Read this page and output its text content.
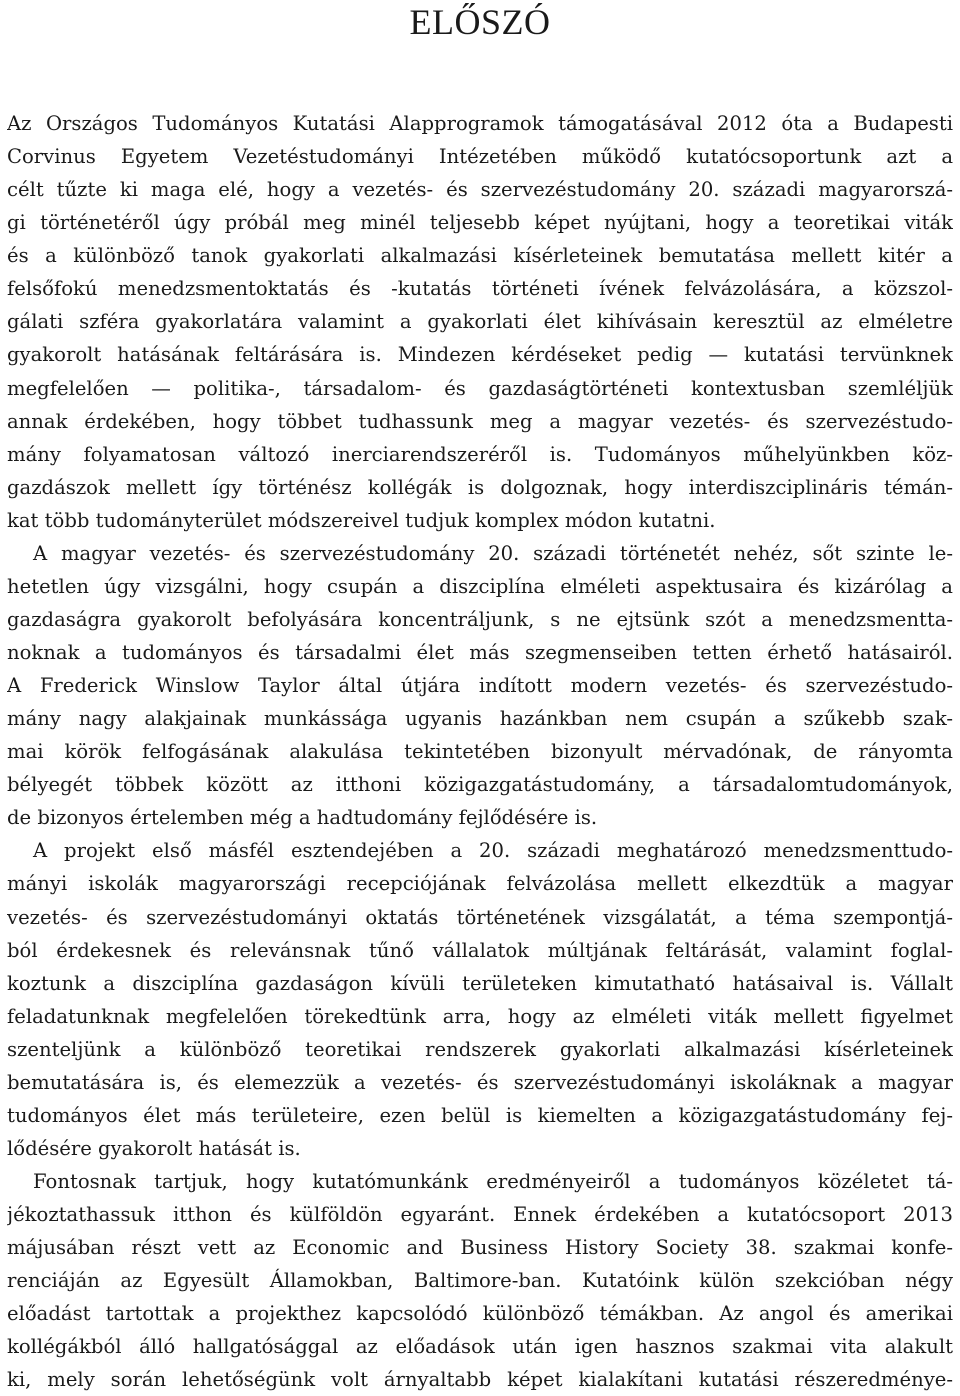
ELŐSZÓ
Az Országos Tudományos Kutatási Alapprogramok támogatásával 2012 óta a Budapesti
Corvinus Egyetem Vezetéstudományi Intézetében működő kutatócsoportunk azt a
célt tűzte ki maga elé, hogy a vezetés- és szervezéstudomány 20. századi magyarorszá-
gi történetéről úgy próbál meg minél teljesebb képet nyújtani, hogy a teoretikai viták
és a különböző tanok gyakorlati alkalmazási kísérleteinek bemutatása mellett kitér a
felsőfokú menedzsmentoktatás és -kutatás történeti ívének felvázolására, a közszol-
gálati szféra gyakorlatára valamint a gyakorlati élet kihívásain keresztül az elméletre
gyakorolt hatásának feltárására is. Mindezen kérdéseket pedig — kutatási tervünknek
megfelelően — politika-, társadalom- és gazdaságtörténeti kontextusban szemléljük
annak érdekében, hogy többet tudhassunk meg a magyar vezetés- és szervezéstudo-
mány folyamatosan változó inerciarendszeréről is. Tudományos műhelyünkben köz-
gazdászok mellett így történész kollégák is dolgoznak, hogy interdiszciplináris témán-
kat több tudományterület módszereivel tudjuk komplex módon kutatni.
A magyar vezetés- és szervezéstudomány 20. századi történetét nehéz, sőt szinte le-
hetetlen úgy vizsgálni, hogy csupán a diszciplína elméleti aspektusaira és kizárólag a
gazdaságra gyakorolt befolyására koncentráljunk, s ne ejtsünk szót a menedzsmentta-
noknak a tudományos és társadalmi élet más szegmenseiben tetten érhető hatásairól.
A Frederick Winslow Taylor által útjára indított modern vezetés- és szervezéstudo-
mány nagy alakjainak munkássága ugyanis hazánkban nem csupán a szűkebb szak-
mai körök felfogásának alakulása tekintetében bizonyult mérvadónak, de rányomta
bélyegét többek között az itthoni közigazgatástudomány, a társadalomtudományok,
de bizonyos értelemben még a hadtudomány fejlődésére is.
A projekt első másfél esztendejében a 20. századi meghatározó menedzsmenttudo-
mányi iskolák magyarországi recepciójának felvázolása mellett elkezdtük a magyar
vezetés- és szervezéstudományi oktatás történetének vizsgálatát, a téma szempontjá-
ból érdekesnek és relevánsnak tűnő vállalatok múltjának feltárását, valamint foglal-
koztunk a diszciplína gazdaságon kívüli területeken kimutatható hatásaival is. Vállalt
feladatunknak megfelelően törekedtünk arra, hogy az elméleti viták mellett figyelmet
szenteljünk a különböző teoretikai rendszerek gyakorlati alkalmazási kísérleteinek
bemutatására is, és elemezzük a vezetés- és szervezéstudományi iskoláknak a magyar
tudományos élet más területeire, ezen belül is kiemelten a közigazgatástudomány fej-
lődésére gyakorolt hatását is.
Fontosnak tartjuk, hogy kutatómunkánk eredményeiről a tudományos közéletet tá-
jékoztathassuk itthon és külföldön egyaránt. Ennek érdekében a kutatócsoport 2013
májusában részt vett az Economic and Business History Society 38. szakmai konfe-
renciáján az Egyesült Államokban, Baltimore-ban. Kutatóink külön szekcióban négy
előadást tartottak a projekthez kapcsolódó különböző témákban. Az angol és amerikai
kollégákból álló hallgatósággal az előadások után igen hasznos szakmai vita alakult
ki, mely során lehetőségünk volt árnyaltabb képet kialakítani kutatási részeredménye-
